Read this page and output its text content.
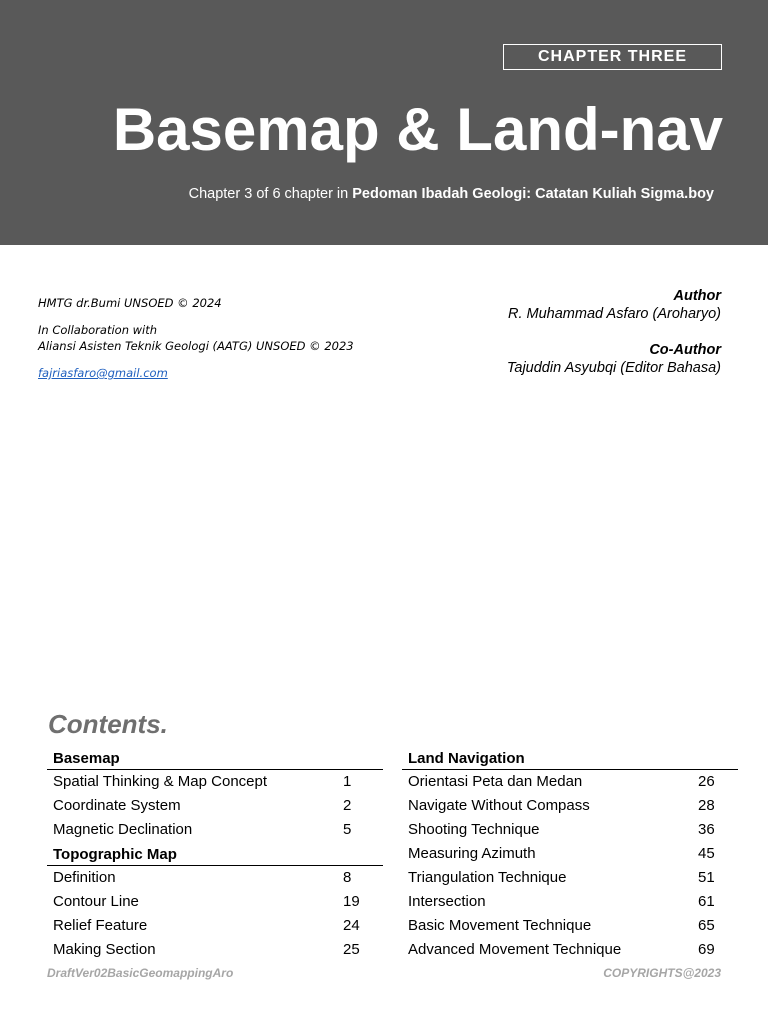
CHAPTER THREE
Basemap & Land-nav
Chapter 3 of 6 chapter in Pedoman Ibadah Geologi: Catatan Kuliah Sigma.boy
HMTG dr.Bumi UNSOED © 2024
In Collaboration with
Aliansi Asisten Teknik Geologi (AATG) UNSOED © 2023
fajriasfaro@gmail.com
Author
R. Muhammad Asfaro (Aroharyo)
Co-Author
Tajuddin Asyubqi (Editor Bahasa)
Contents.
Basemap
Spatial Thinking & Map Concept	1
Coordinate System	2
Magnetic Declination	5
Topographic Map
Definition	8
Contour Line	19
Relief Feature	24
Making Section	25
Land Navigation
Orientasi Peta dan Medan	26
Navigate Without Compass	28
Shooting Technique	36
Measuring Azimuth	45
Triangulation Technique	51
Intersection	61
Basic Movement Technique	65
Advanced Movement Technique	69
DraftVer02BasicGeomappingAro	COPYRIGHTS@2023
